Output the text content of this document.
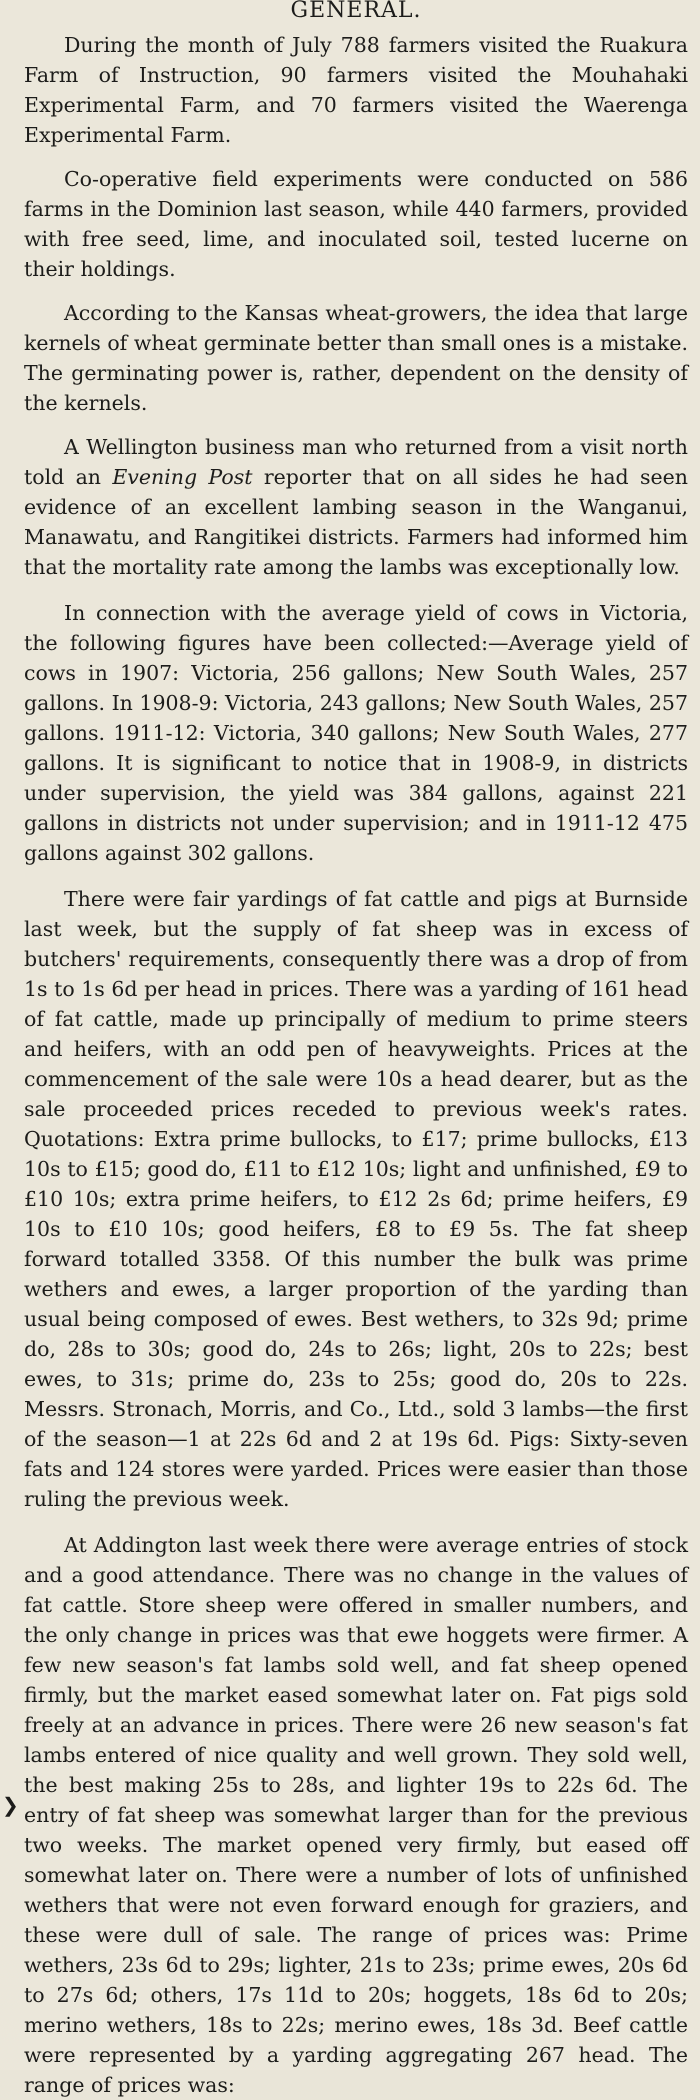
GENERAL.

During the month of July 788 farmers visited the Ruakura Farm of Instruction, 90 farmers visited the Mouhahaki Experimental Farm, and 70 farmers visited the Waerenga Experimental Farm.

Co-operative field experiments were conducted on 586 farms in the Dominion last season, while 440 farmers, provided with free seed, lime, and inoculated soil, tested lucerne on their holdings.

According to the Kansas wheat-growers, the idea that large kernels of wheat germinate better than small ones is a mistake. The germinating power is, rather, dependent on the density of the kernels.

A Wellington business man who returned from a visit north told an Evening Post reporter that on all sides he had seen evidence of an excellent lambing season in the Wanganui, Manawatu, and Rangitikei districts. Farmers had informed him that the mortality rate among the lambs was exceptionally low.

In connection with the average yield of cows in Victoria, the following figures have been collected:—Average yield of cows in 1907: Victoria, 256 gallons; New South Wales, 257 gallons. In 1908-9: Victoria, 243 gallons; New South Wales, 257 gallons. 1911-12: Victoria, 340 gallons; New South Wales, 277 gallons. It is significant to notice that in 1908-9, in districts under supervision, the yield was 384 gallons, against 221 gallons in districts not under supervision; and in 1911-12 475 gallons against 302 gallons.

There were fair yardings of fat cattle and pigs at Burnside last week, but the supply of fat sheep was in excess of butchers' requirements, consequently there was a drop of from 1s to 1s 6d per head in prices. There was a yarding of 161 head of fat cattle, made up principally of medium to prime steers and heifers, with an odd pen of heavyweights. Prices at the commencement of the sale were 10s a head dearer, but as the sale proceeded prices receded to previous week's rates. Quotations: Extra prime bullocks, to £17; prime bullocks, £13 10s to £15; good do, £11 to £12 10s; light and unfinished, £9 to £10 10s; extra prime heifers, to £12 2s 6d; prime heifers, £9 10s to £10 10s; good heifers, £8 to £9 5s. The fat sheep forward totalled 3358. Of this number the bulk was prime wethers and ewes, a larger proportion of the yarding than usual being composed of ewes. Best wethers, to 32s 9d; prime do, 28s to 30s; good do, 24s to 26s; light, 20s to 22s; best ewes, to 31s; prime do, 23s to 25s; good do, 20s to 22s. Messrs. Stronach, Morris, and Co., Ltd., sold 3 lambs—the first of the season—1 at 22s 6d and 2 at 19s 6d. Pigs: Sixty-seven fats and 124 stores were yarded. Prices were easier than those ruling the previous week.

At Addington last week there were average entries of stock and a good attendance. There was no change in the values of fat cattle. Store sheep were offered in smaller numbers, and the only change in prices was that ewe hoggets were firmer. A few new season's fat lambs sold well, and fat sheep opened firmly, but the market eased somewhat later on. Fat pigs sold freely at an advance in prices. There were 26 new season's fat lambs entered of nice quality and well grown. They sold well, the best making 25s to 28s, and lighter 19s to 22s 6d. The entry of fat sheep was somewhat larger than for the previous two weeks. The market opened very firmly, but eased off somewhat later on. There were a number of lots of unfinished wethers that were not even forward enough for graziers, and these were dull of sale. The range of prices was: Prime wethers, 23s 6d to 29s; lighter, 21s to 23s; prime ewes, 20s 6d to 27s 6d; others, 17s 11d to 20s; hoggets, 18s 6d to 20s; merino wethers, 18s to 22s; merino ewes, 18s 3d. Beef cattle were represented by a yarding aggregating 267 head. The range of prices was:

❯
